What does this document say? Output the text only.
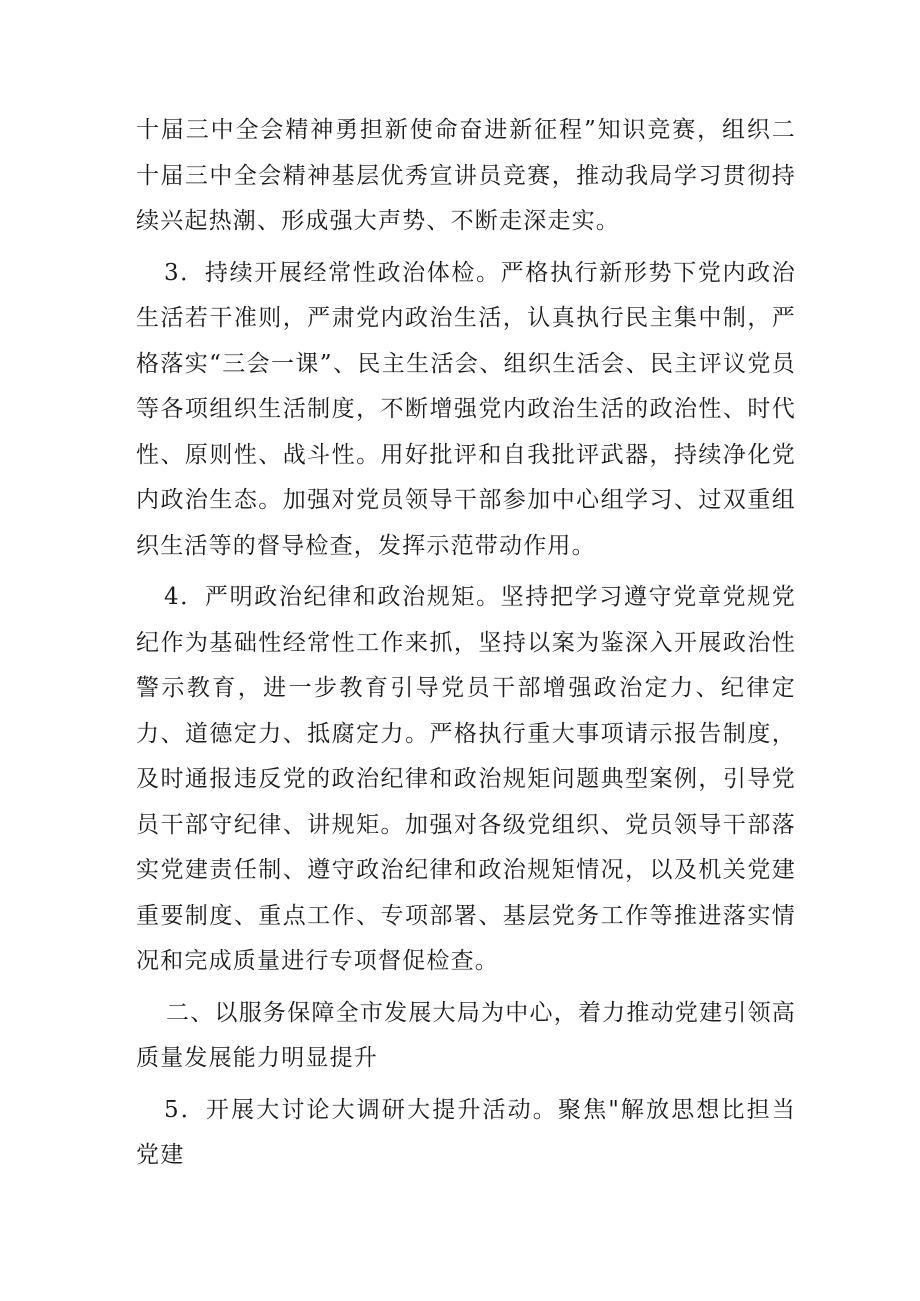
十届三中全会精神勇担新使命奋进新征程”知识竞赛，组织二十届三中全会精神基层优秀宣讲员竞赛，推动我局学习贯彻持续兴起热潮、形成强大声势、不断走深走实。

3．持续开展经常性政治体检。严格执行新形势下党内政治生活若干准则，严肃党内政治生活，认真执行民主集中制，严格落实“三会一课”、民主生活会、组织生活会、民主评议党员等各项组织生活制度，不断增强党内政治生活的政治性、时代性、原则性、战斗性。用好批评和自我批评武器，持续净化党内政治生态。加强对党员领导干部参加中心组学习、过双重组织生活等的督导检查，发挥示范带动作用。

4．严明政治纪律和政治规矩。坚持把学习遵守党章党规党纪作为基础性经常性工作来抓，坚持以案为鉴深入开展政治性警示教育，进一步教育引导党员干部增强政治定力、纪律定力、道德定力、抵腐定力。严格执行重大事项请示报告制度，及时通报违反党的政治纪律和政治规矩问题典型案例，引导党员干部守纪律、讲规矩。加强对各级党组织、党员领导干部落实党建责任制、遵守政治纪律和政治规矩情况，以及机关党建重要制度、重点工作、专项部署、基层党务工作等推进落实情况和完成质量进行专项督促检查。

二、以服务保障全市发展大局为中心，着力推动党建引领高质量发展能力明显提升

5．开展大讨论大调研大提升活动。聚焦"解放思想比担当党建
